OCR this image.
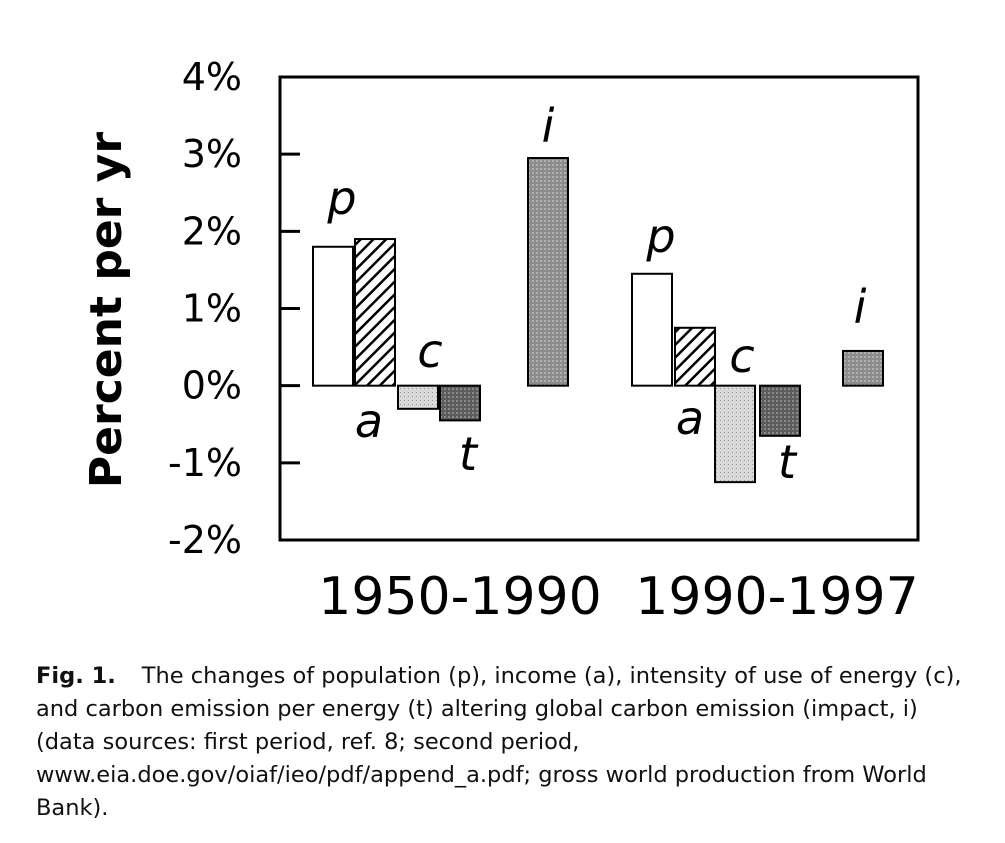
4%
3%
2%
1%
0%
-1%
-2%
p
p
a	a
c	c
t	t
i
i
Percent per yr
1950-1990 1990-1997
Fig. 1. The changes of population (p), income (a), intensity of use of energy (c), and carbon emission per energy (t) altering global carbon emission (impact, i) (data sources: first period, ref. 8; second period, www.eia.doe.gov/oiaf/ieo/pdf/append_a.pdf; gross world production from World Bank).
